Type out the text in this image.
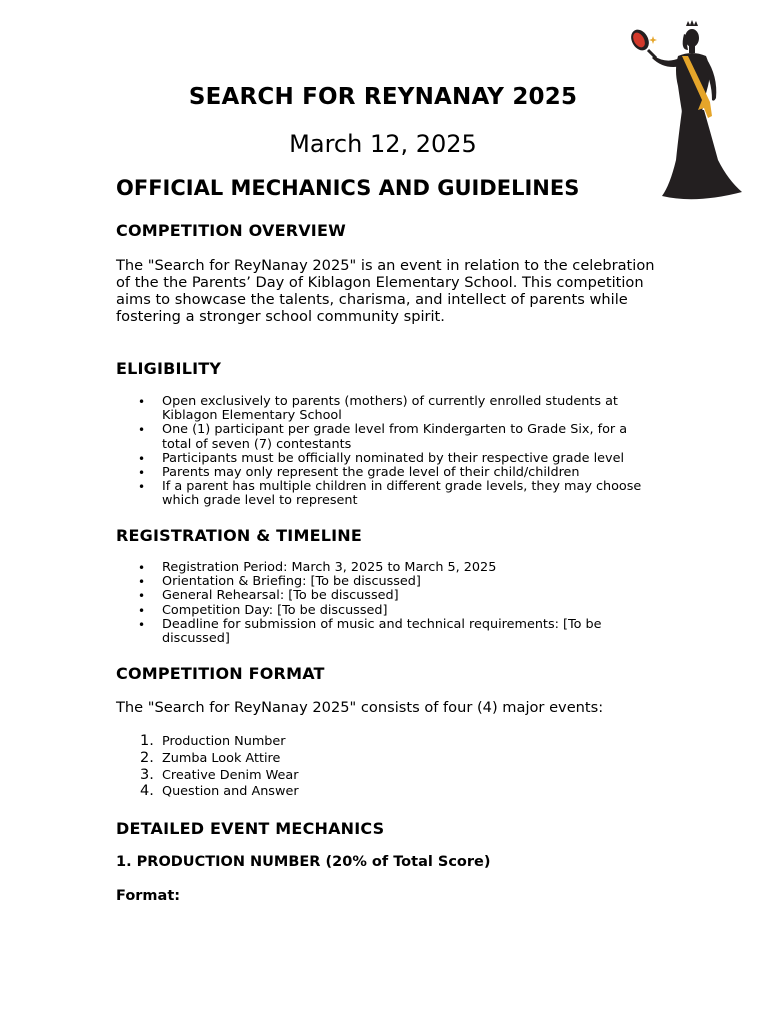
SEARCH FOR REYNANAY 2025
March 12, 2025
OFFICIAL MECHANICS AND GUIDELINES
COMPETITION OVERVIEW
The "Search for ReyNanay 2025" is an event in relation to the celebration of the the Parents’ Day of Kiblagon Elementary School. This competition aims to showcase the talents, charisma, and intellect of parents while fostering a stronger school community spirit.
ELIGIBILITY
• Open exclusively to parents (mothers) of currently enrolled students at Kiblagon Elementary School
• One (1) participant per grade level from Kindergarten to Grade Six, for a total of seven (7) contestants
• Participants must be officially nominated by their respective grade level
• Parents may only represent the grade level of their child/children
• If a parent has multiple children in different grade levels, they may choose which grade level to represent
REGISTRATION & TIMELINE
• Registration Period: March 3, 2025 to March 5, 2025
• Orientation & Briefing: [To be discussed]
• General Rehearsal: [To be discussed]
• Competition Day: [To be discussed]
• Deadline for submission of music and technical requirements: [To be discussed]
COMPETITION FORMAT
The "Search for ReyNanay 2025" consists of four (4) major events:
1. Production Number
2. Zumba Look Attire
3. Creative Denim Wear
4. Question and Answer
DETAILED EVENT MECHANICS
1. PRODUCTION NUMBER (20% of Total Score)
Format:
